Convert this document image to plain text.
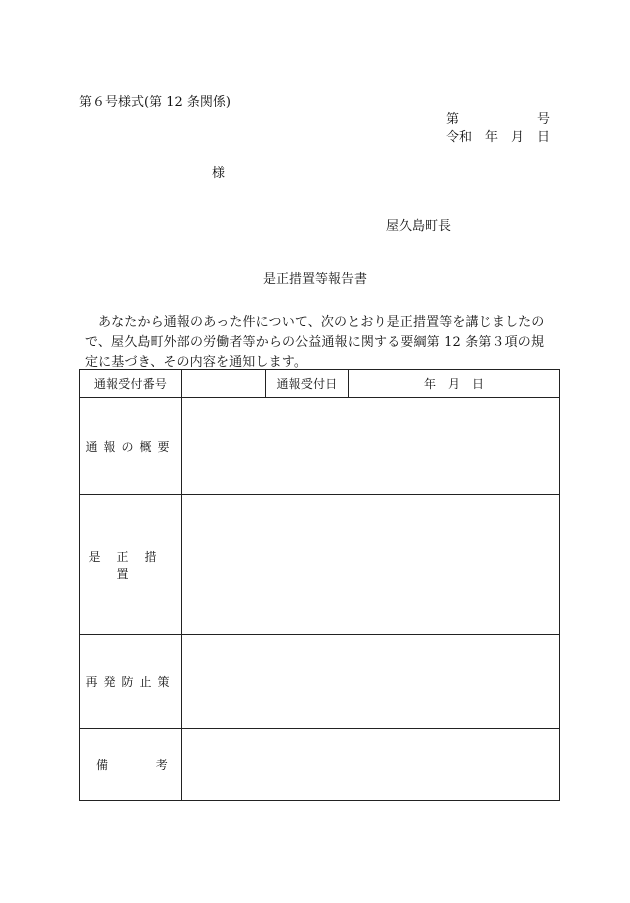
第６号様式(第 12 条関係)
第	号
令和　年　月　日
様
屋久島町長
是正措置等報告書
あなたから通報のあった件について、次のとおり是正措置等を講じましたので、屋久島町外部の労働者等からの公益通報に関する要綱第 12 条第３項の規定に基づき、その内容を通知します。
通報受付番号		通報受付日	年　月　日
通報の概要			
是正措置			
再発防止策			

備 考			
